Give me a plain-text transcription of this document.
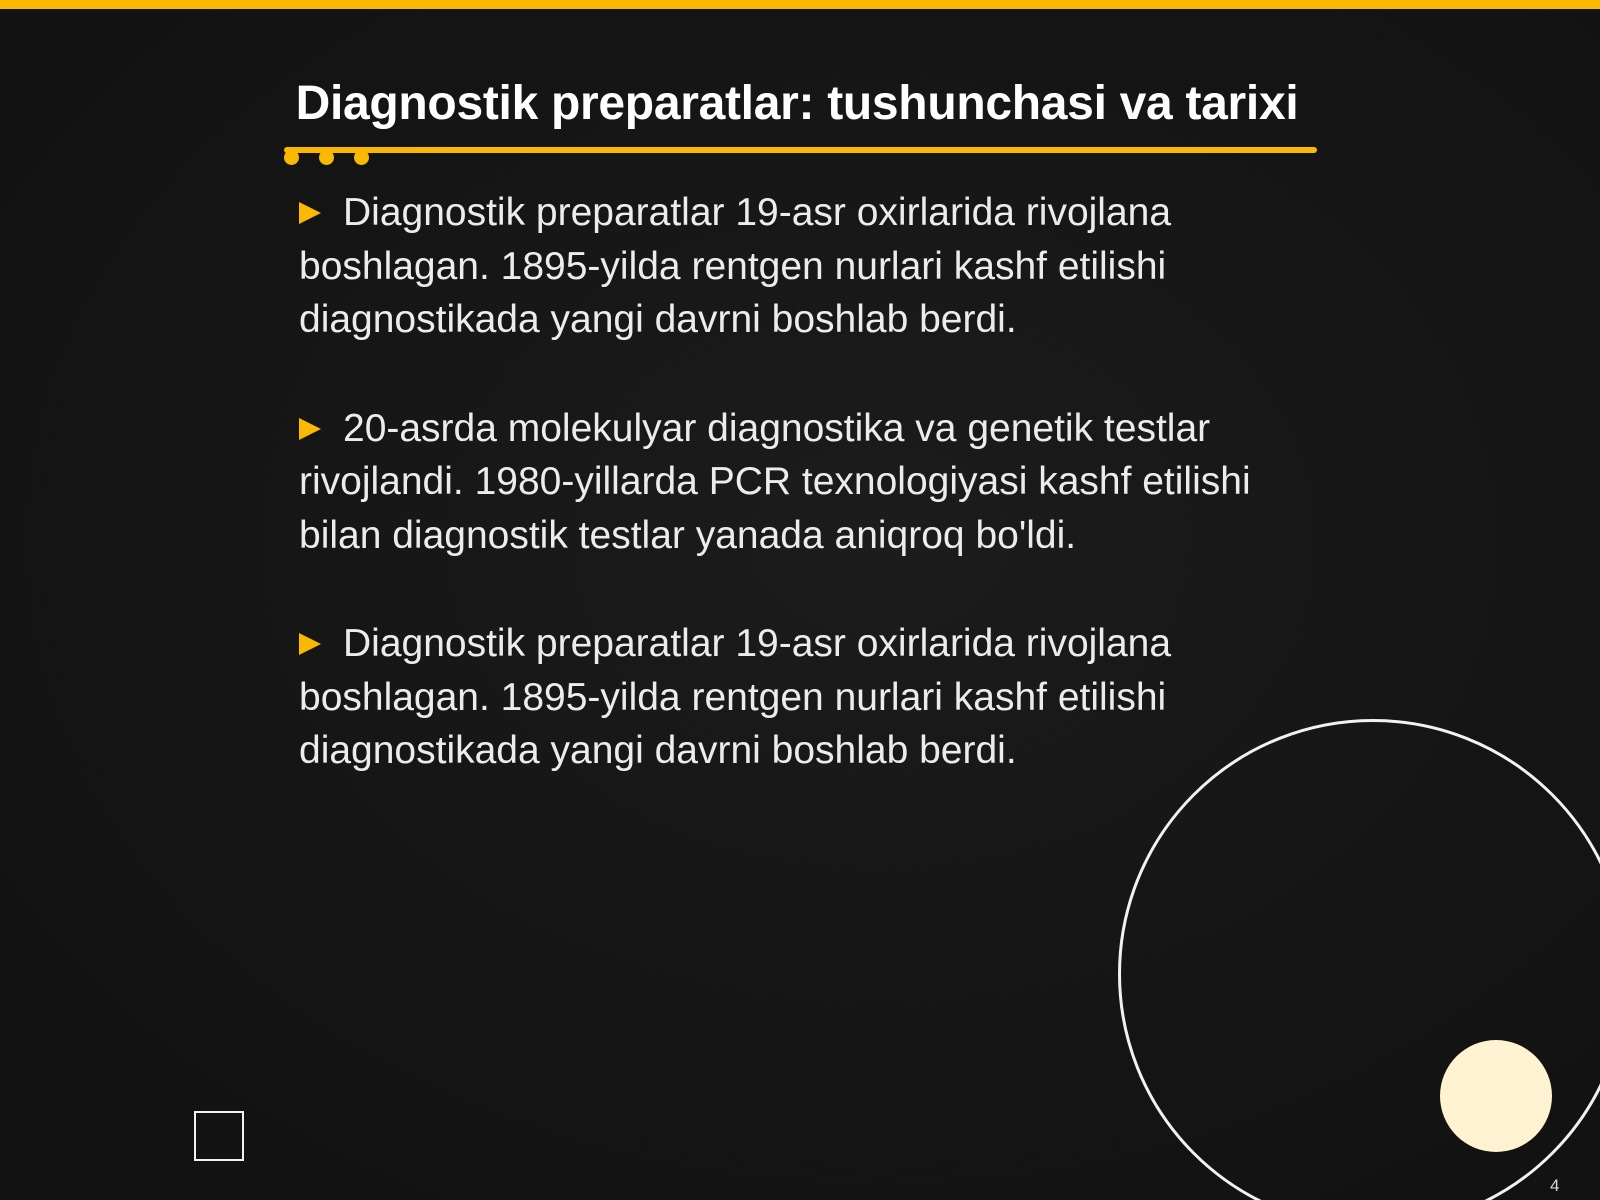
Diagnostik preparatlar: tushunchasi va tarixi

Diagnostik preparatlar 19-asr oxirlarida rivojlana boshlagan. 1895-yilda rentgen nurlari kashf etilishi diagnostikada yangi davrni boshlab berdi.

20-asrda molekulyar diagnostika va genetik testlar rivojlandi. 1980-yillarda PCR texnologiyasi kashf etilishi bilan diagnostik testlar yanada aniqroq bo'ldi.

Diagnostik preparatlar 19-asr oxirlarida rivojlana boshlagan. 1895-yilda rentgen nurlari kashf etilishi diagnostikada yangi davrni boshlab berdi.

4
